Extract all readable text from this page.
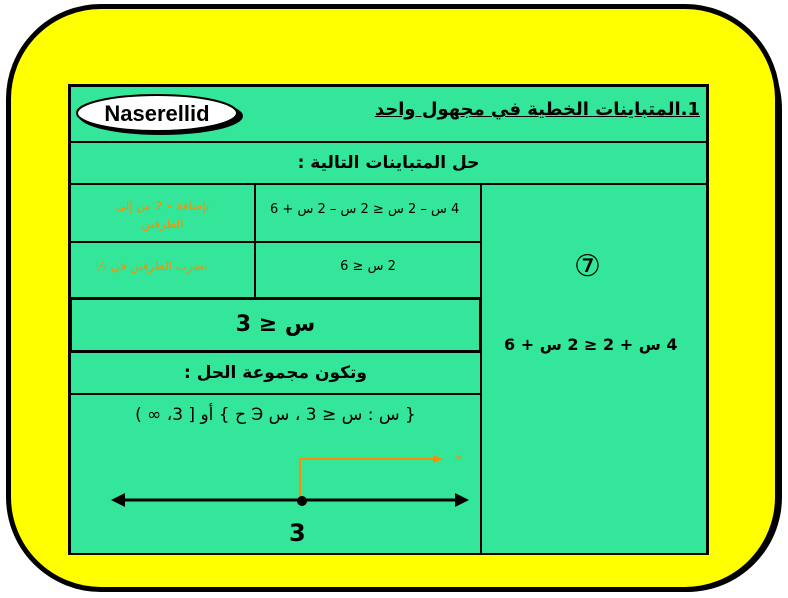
Naserellid	1.المتباينات الخطية في مجهول واحد
حل المتباينات التالية :
⑦
4 س + 2 ≤ 2 س + 6
4 س – 2 س ≤ 2 س – 2 س + 6
بإضافة – 2 س إلى الطرفين
2 س ≤ 6
بضرب الطرفين في ½
س ≤ 3
وتكون مجموعة الحل :
{ س : س ≤ 3 ، س Э ح } أو [ 3، ∞ )
∞
3
